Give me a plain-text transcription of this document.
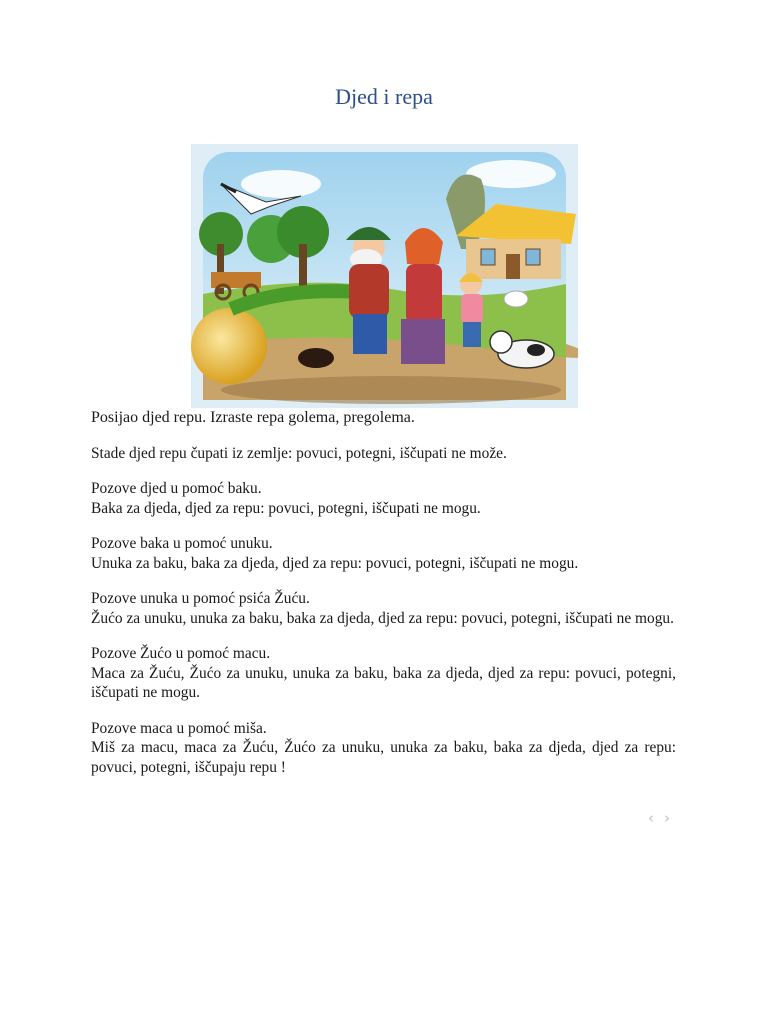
Djed i repa

Posijao djed repu. Izraste repa golema, pregolema.

Stade djed repu čupati iz zemlje: povuci, potegni, iščupati ne može.

Pozove djed u pomoć baku.
Baka za djeda, djed za repu: povuci, potegni, iščupati ne mogu.

Pozove baka u pomoć unuku.
Unuka za baku, baka za djeda, djed za repu: povuci, potegni, iščupati ne mogu.

Pozove unuka u pomoć psića Žuću.
Žućo za unuku, unuka za baku, baka za djeda, djed za repu: povuci, potegni, iščupati ne mogu.

Pozove Žućo u pomoć macu.
Maca za Žuću, Žućo za unuku, unuka za baku, baka za djeda, djed za repu: povuci, potegni, iščupati ne mogu.

Pozove maca u pomoć miša.
Miš za macu, maca za Žuću, Žućo za unuku, unuka za baku, baka za djeda, djed za repu: povuci, potegni, iščupaju repu !

‹ ›
